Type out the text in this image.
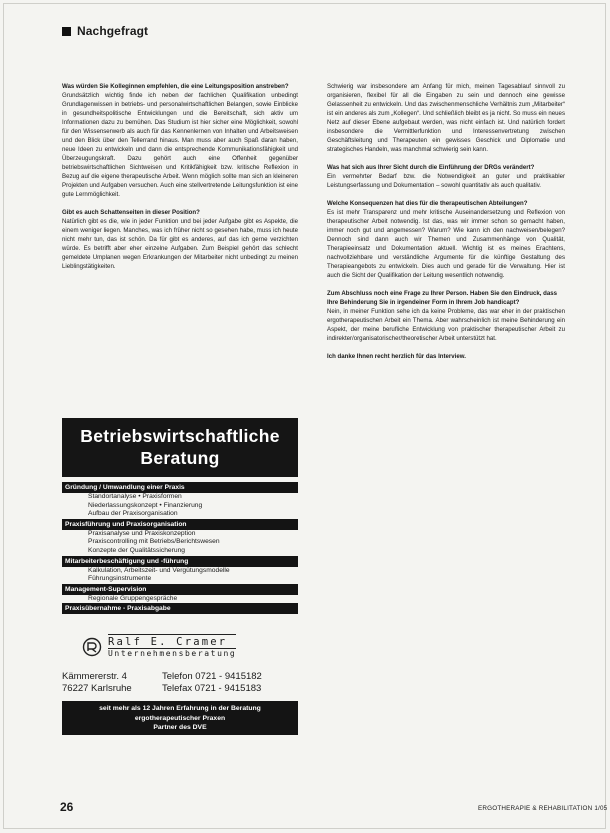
Nachgefragt
Was würden Sie Kolleginnen empfehlen, die eine Leitungsposition anstreben?
Grundsätzlich wichtig finde ich neben der fachlichen Qualifikation unbedingt Grundlagenwissen in betriebs- und personalwirtschaftlichen Belangen, sowie Einblicke in gesundheitspolitische Entwicklungen und die Bereitschaft, sich aktiv um Informationen dazu zu bemühen. Das Studium ist hier sicher eine Möglichkeit, sowohl für den Wissenserwerb als auch für das Kennenlernen von Inhalten und Arbeitsweisen und den Blick über den Tellerrand hinaus. Man muss aber auch Spaß daran haben, neue Ideen zu entwickeln und dann die entsprechende Kommunikationsfähigkeit und Überzeugungskraft. Dazu gehört auch eine Offenheit gegenüber betriebswirtschaftlichen Sichtweisen und Kritikfähigkeit bzw. kritische Reflexion in Bezug auf die eigene therapeutische Arbeit. Wenn möglich sollte man sich an kleineren Projekten und Aufgaben versuchen. Auch eine stellvertretende Leitungsfunktion ist eine gute Lernmöglichkeit.
Gibt es auch Schattenseiten in dieser Position?
Natürlich gibt es die, wie in jeder Funktion und bei jeder Aufgabe gibt es Aspekte, die einem weniger liegen. Manches, was ich früher nicht so gesehen habe, muss ich heute nicht mehr tun, das ist schön. Da für gibt es anderes, auf das ich gerne verzichten würde. Es betrifft aber eher einzelne Aufgaben. Zum Beispiel gehört das schlecht gemeldete Umplanen wegen Erkrankungen der Mitarbeiter nicht unbedingt zu meinen Lieblingstätigkeiten.
Schwierig war insbesondere am Anfang für mich, meinen Tagesablauf sinnvoll zu organisieren, flexibel für all die Eingaben zu sein und dennoch eine gewisse Gelassenheit zu entwickeln. Und das zwischenmenschliche Verhältnis zum „Mitarbeiter“ ist ein anderes als zum „Kollegen“. Und schließlich bleibt es ja nicht. So muss ein neues Netz auf dieser Ebene aufgebaut werden, was nicht einfach ist. Und natürlich fordert insbesondere die Vermittlerfunktion und Interessenvertretung zwischen Geschäftsleitung und Therapeuten ein gewisses Geschick und Diplomatie und strategisches Handeln, was manchmal schwierig sein kann.
Was hat sich aus Ihrer Sicht durch die Einführung der DRGs verändert?
Ein vermehrter Bedarf bzw. die Notwendigkeit an guter und praktikabler Leistungserfassung und Dokumentation – sowohl quantitativ als auch qualitativ.
Welche Konsequenzen hat dies für die therapeutischen Abteilungen?
Es ist mehr Transparenz und mehr kritische Auseinandersetzung und Reflexion von therapeutischer Arbeit notwendig. Ist das, was wir immer schon so gemacht haben, immer noch gut und angemessen? Warum? Wie kann ich den nachweisen/belegen? Dennoch sind dann auch wir Themen und Zusammenhänge von Qualität, Therapieeinsatz und Dokumentation aktuell. Wichtig ist es meines Erachtens, nachvollziehbare und verständliche Argumente für die künftige Gestaltung des Therapieangebots zu entwickeln. Dies auch und gerade für die Verwaltung. Hier ist auch die Sicht der Qualifikation der Leitung wesentlich notwendig.
Zum Abschluss noch eine Frage zu Ihrer Person. Haben Sie den Eindruck, dass Ihre Behinderung Sie in irgendeiner Form in Ihrem Job handicapt?
Nein, in meiner Funktion sehe ich da keine Probleme, das war eher in der praktischen ergotherapeutischen Arbeit ein Thema. Aber wahrscheinlich ist meine Behinderung ein Aspekt, der meine berufliche Entwicklung von praktischer therapeutischer Arbeit zu indirekter/organisatorischer/theoretischer Arbeit unterstützt hat.
Ich danke Ihnen recht herzlich für das Interview.
Betriebswirtschaftliche
Beratung
Gründung / Umwandlung einer Praxis
Standortanalyse • Praxisformen
Niederlassungskonzept • Finanzierung
Aufbau der Praxisorganisation
Praxisführung und Praxisorganisation
Praxisanalyse und Praxiskonzeption
Praxiscontrolling mit Betriebs/Berichtswesen
Konzepte der Qualitätssicherung
Mitarbeiterbeschäftigung und -führung
Kalkulation, Arbeitszeit- und Vergütungsmodelle
Führungsinstrumente
Management-Supervision
Regionale Gruppengespräche
Praxisübernahme - Praxisabgabe
Ralf E. Cramer
Unternehmensberatung
Kämmererstr. 4	Telefon 0721 - 9415182
76227 Karlsruhe	Telefax 0721 - 9415183
seit mehr als 12 Jahren Erfahrung in der Beratung
ergotherapeutischer Praxen
Partner des DVE
26	ERGOTHERAPIE & REHABILITATION 1/05
